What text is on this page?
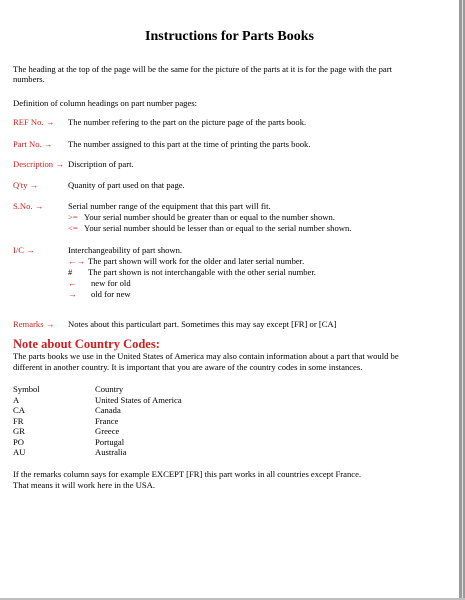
Instructions for Parts Books
The heading at the top of the page will be the same for the picture of the parts at it is for the page with the part
numbers.
Definition of column headings on part number pages:
REF No. → The number refering to the part on the picture page of the parts book.
Part No. → The number assigned to this part at the time of printing the parts book.
Description → Discription of part.
Q'ty →	Quanity of part used on that page.
S.No. →	Serial number range of the equipment that this part will fit.
>= Your serial number should be greater than or equal to the number shown.
<= Your serial number should be lesser than or equal to the serial number shown.
I/C →	Interchangeability of part shown.
←→ The part shown will work for the older and later serial number.
# The part shown is not interchangable with the other serial number.
← new for old
→ old for new
Remarks → Notes about this particulart part. Sometimes this may say except [FR] or [CA]
Note about Country Codes:
The parts books we use in the United States of America may also contain information about a part that would be
different in another country. It is important that you are aware of the country codes in some instances.
Symbol	Country
A	United States of America
CA	Canada
FR	France
GR	Greece
PO	Portugal
AU	Australia
If the remarks column says for example EXCEPT [FR] this part works in all countries except France.
That means it will work here in the USA.
